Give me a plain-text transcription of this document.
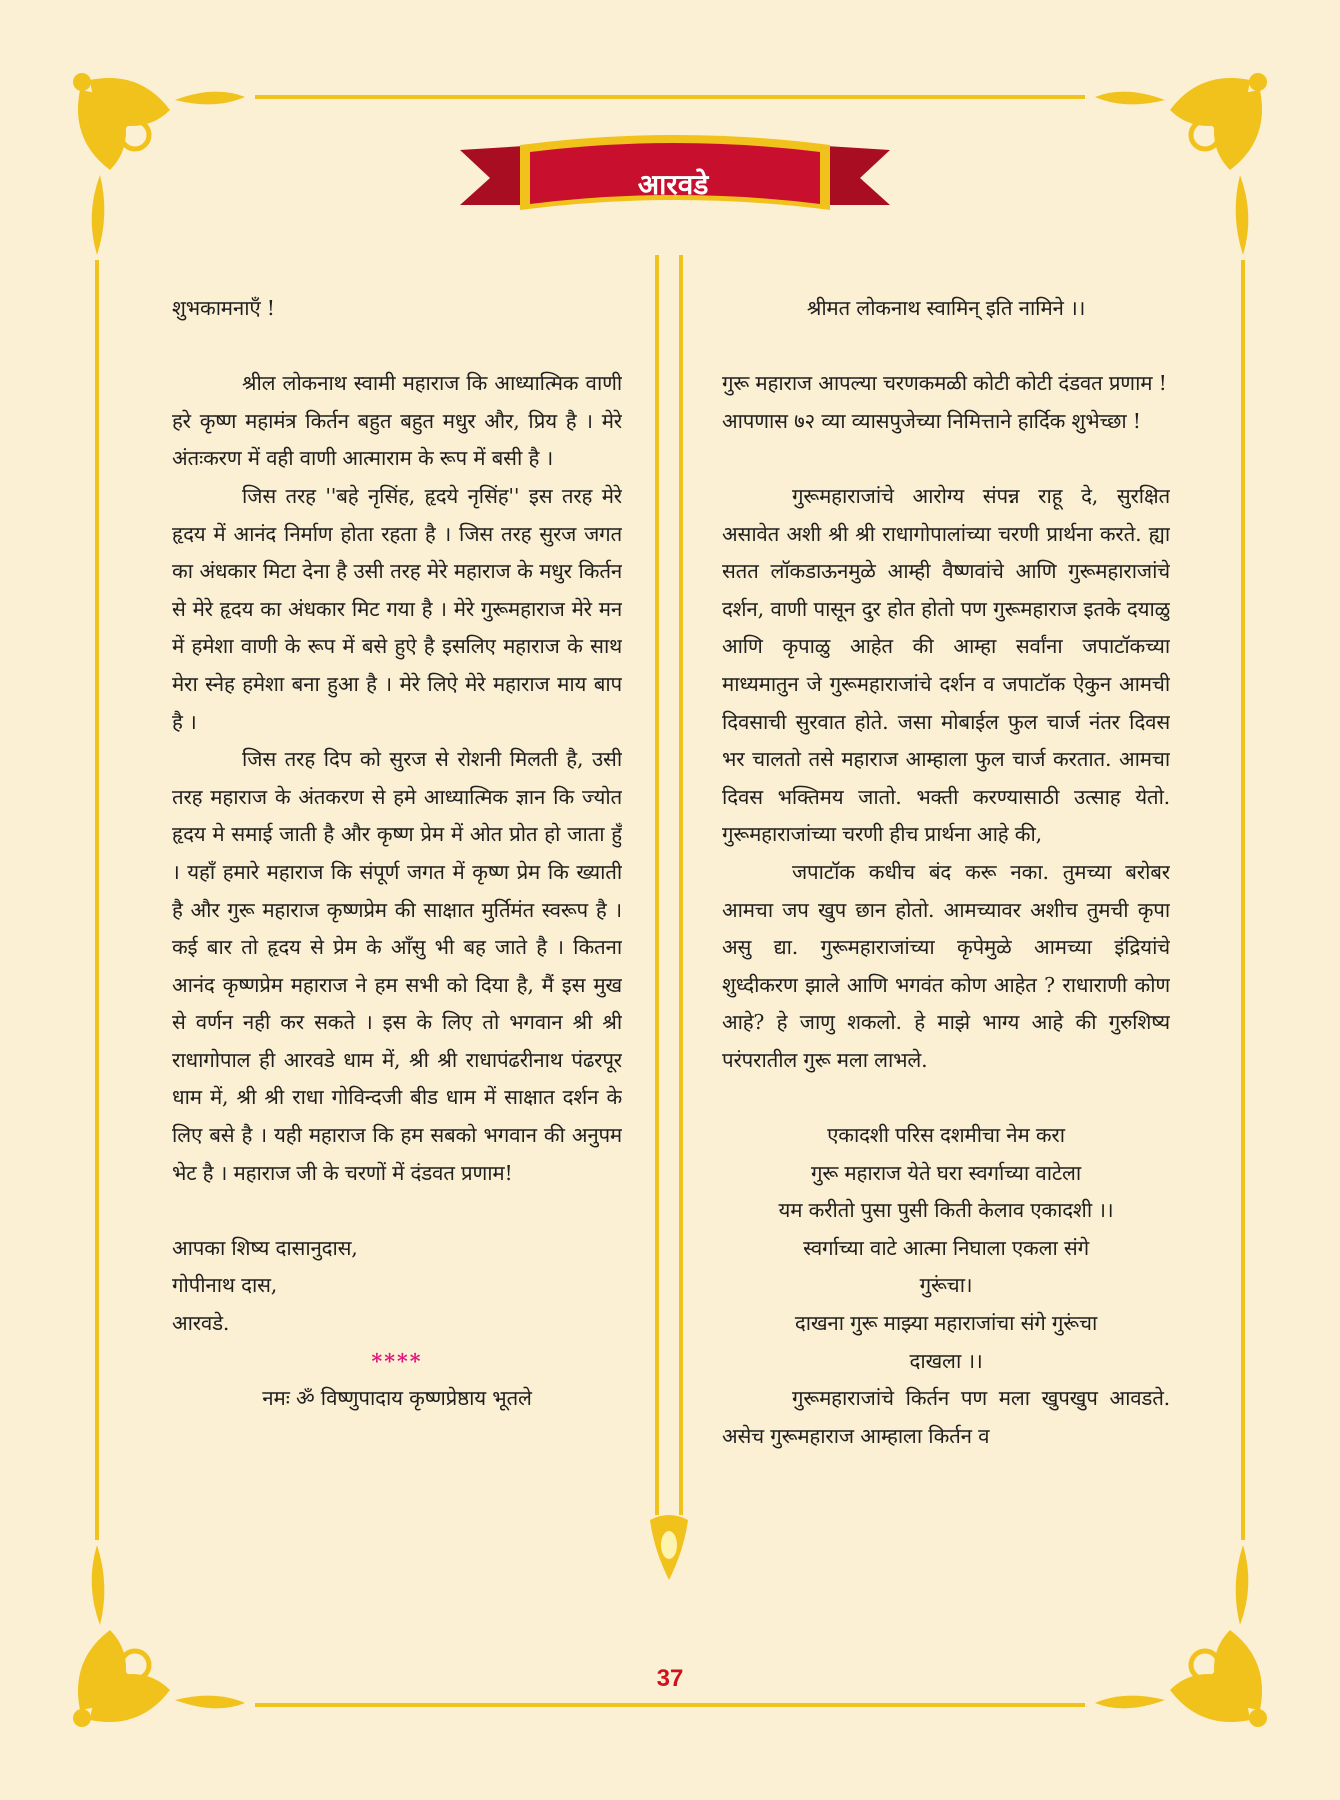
आरवडे

शुभकामनाएँ !

श्रील लोकनाथ स्वामी महाराज कि आध्यात्मिक वाणी हरे कृष्ण महामंत्र किर्तन बहुत बहुत मधुर और, प्रिय है । मेरे अंतःकरण में वही वाणी आत्माराम के रूप में बसी है ।

जिस तरह ''बहे नृसिंह, हृदये नृसिंह'' इस तरह मेरे हृदय में आनंद निर्माण होता रहता है । जिस तरह सुरज जगत का अंधकार मिटा देना है उसी तरह मेरे महाराज के मधुर किर्तन से मेरे हृदय का अंधकार मिट गया है । मेरे गुरूमहाराज मेरे मन में हमेशा वाणी के रूप में बसे हुऐ है इसलिए महाराज के साथ मेरा स्नेह हमेशा बना हुआ है । मेरे लिऐ मेरे महाराज माय बाप है ।

जिस तरह दिप को सुरज से रोशनी मिलती है, उसी तरह महाराज के अंतकरण से हमे आध्यात्मिक ज्ञान कि ज्योत हृदय मे समाई जाती है और कृष्ण प्रेम में ओत प्रोत हो जाता हुँ । यहाँ हमारे महाराज कि संपूर्ण जगत में कृष्ण प्रेम कि ख्याती है और गुरू महाराज कृष्णप्रेम की साक्षात मुर्तिमंत स्वरूप है । कई बार तो हृदय से प्रेम के आँसु भी बह जाते है । कितना आनंद कृष्णप्रेम महाराज ने हम सभी को दिया है, मैं इस मुख से वर्णन नही कर सकते । इस के लिए तो भगवान श्री श्री राधागोपाल ही आरवडे धाम में, श्री श्री राधापंढरीनाथ पंढरपूर धाम में, श्री श्री राधा गोविन्दजी बीड धाम में साक्षात दर्शन के लिए बसे है । यही महाराज कि हम सबको भगवान की अनुपम भेट है । महाराज जी के चरणों में दंडवत प्रणाम!

आपका शिष्य दासानुदास,

गोपीनाथ दास,

आरवडे.

****

नमः ॐ विष्णुपादाय कृष्णप्रेष्ठाय भूतले

श्रीमत लोकनाथ स्वामिन् इति नामिने ।।

गुरू महाराज आपल्या चरणकमळी कोटी कोटी दंडवत प्रणाम !

आपणास ७२ व्या व्यासपुजेच्या निमित्ताने हार्दिक शुभेच्छा !

गुरूमहाराजांचे आरोग्य संपन्न राहू दे, सुरक्षित असावेत अशी श्री श्री राधागोपालांच्या चरणी प्रार्थना करते. ह्या सतत लॉकडाऊनमुळे आम्ही वैष्णवांचे आणि गुरूमहाराजांचे दर्शन, वाणी पासून दुर होत होतो पण गुरूमहाराज इतके दयाळु आणि कृपाळु आहेत की आम्हा सर्वांना जपाटॉकच्या माध्यमातुन जे गुरूमहाराजांचे दर्शन व जपाटॉक ऐकुन आमची दिवसाची सुरवात होते. जसा मोबाईल फुल चार्ज नंतर दिवस भर चालतो तसे महाराज आम्हाला फुल चार्ज करतात. आमचा दिवस भक्तिमय जातो. भक्ती करण्यासाठी उत्साह येतो. गुरूमहाराजांच्या चरणी हीच प्रार्थना आहे की,

जपाटॉक कधीच बंद करू नका. तुमच्या बरोबर आमचा जप खुप छान होतो. आमच्यावर अशीच तुमची कृपा असु द्या. गुरूमहाराजांच्या कृपेमुळे आमच्या इंद्रियांचे शुध्दीकरण झाले आणि भगवंत कोण आहेत ? राधाराणी कोण आहे? हे जाणु शकलो. हे माझे भाग्य आहे की गुरुशिष्य परंपरातील गुरू मला लाभले.

एकादशी परिस दशमीचा नेम करा

गुरू महाराज येते घरा स्वर्गाच्या वाटेला

यम करीतो पुसा पुसी किती केलाव एकादशी ।।

स्वर्गाच्या वाटे आत्मा निघाला एकला संगे

गुरूंचा।

दाखना गुरू माझ्या महाराजांचा संगे गुरूंचा

दाखला ।।

गुरूमहाराजांचे किर्तन पण मला खुपखुप आवडते. असेच गुरूमहाराज आम्हाला किर्तन व

37
